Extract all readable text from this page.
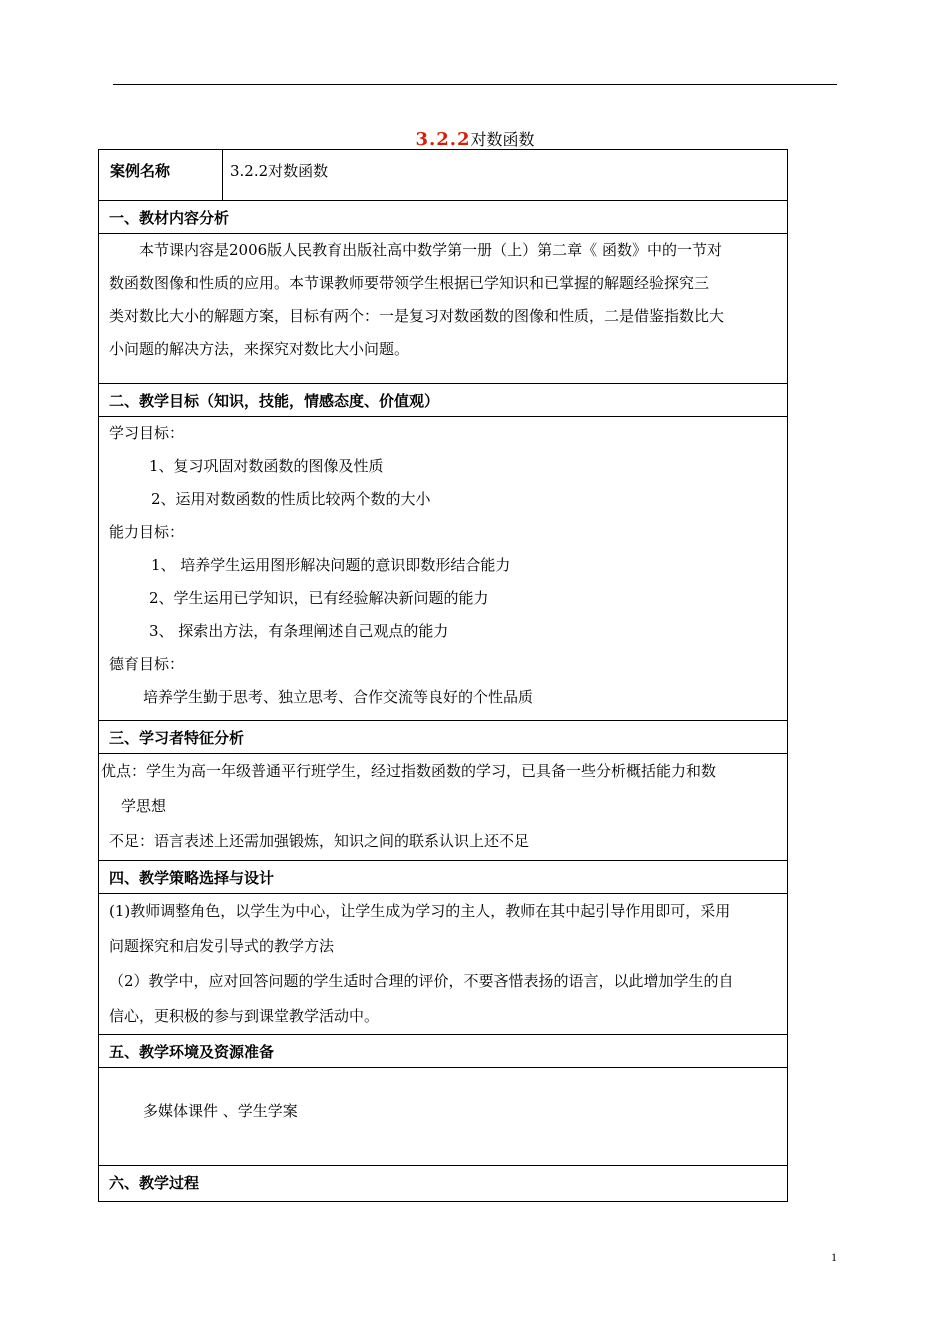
3.2.2对数函数
案例名称	3.2.2对数函数
一、教材内容分析
本节课内容是2006版人民教育出版社高中数学第一册（上）第二章《 函数》中的一节对
数函数图像和性质的应用。本节课教师要带领学生根据已学知识和已掌握的解题经验探究三
类对数比大小的解题方案，目标有两个：一是复习对数函数的图像和性质，二是借鉴指数比大
小问题的解决方法，来探究对数比大小问题。
二、教学目标（知识，技能，情感态度、价值观）
学习目标：
1、复习巩固对数函数的图像及性质
2、运用对数函数的性质比较两个数的大小
能力目标：
1、 培养学生运用图形解决问题的意识即数形结合能力
2、学生运用已学知识，已有经验解决新问题的能力
3、 探索出方法，有条理阐述自己观点的能力
德育目标：
培养学生勤于思考、独立思考、合作交流等良好的个性品质
三、学习者特征分析
优点：学生为高一年级普通平行班学生，经过指数函数的学习，已具备一些分析概括能力和数
学思想
不足：语言表述上还需加强锻炼，知识之间的联系认识上还不足
四、教学策略选择与设计
(1)教师调整角色，以学生为中心，让学生成为学习的主人，教师在其中起引导作用即可，采用
问题探究和启发引导式的教学方法
（2）教学中，应对回答问题的学生适时合理的评价，不要吝惜表扬的语言，以此增加学生的自
信心，更积极的参与到课堂教学活动中。
五、教学环境及资源准备
多媒体课件 、学生学案
六、教学过程
1
